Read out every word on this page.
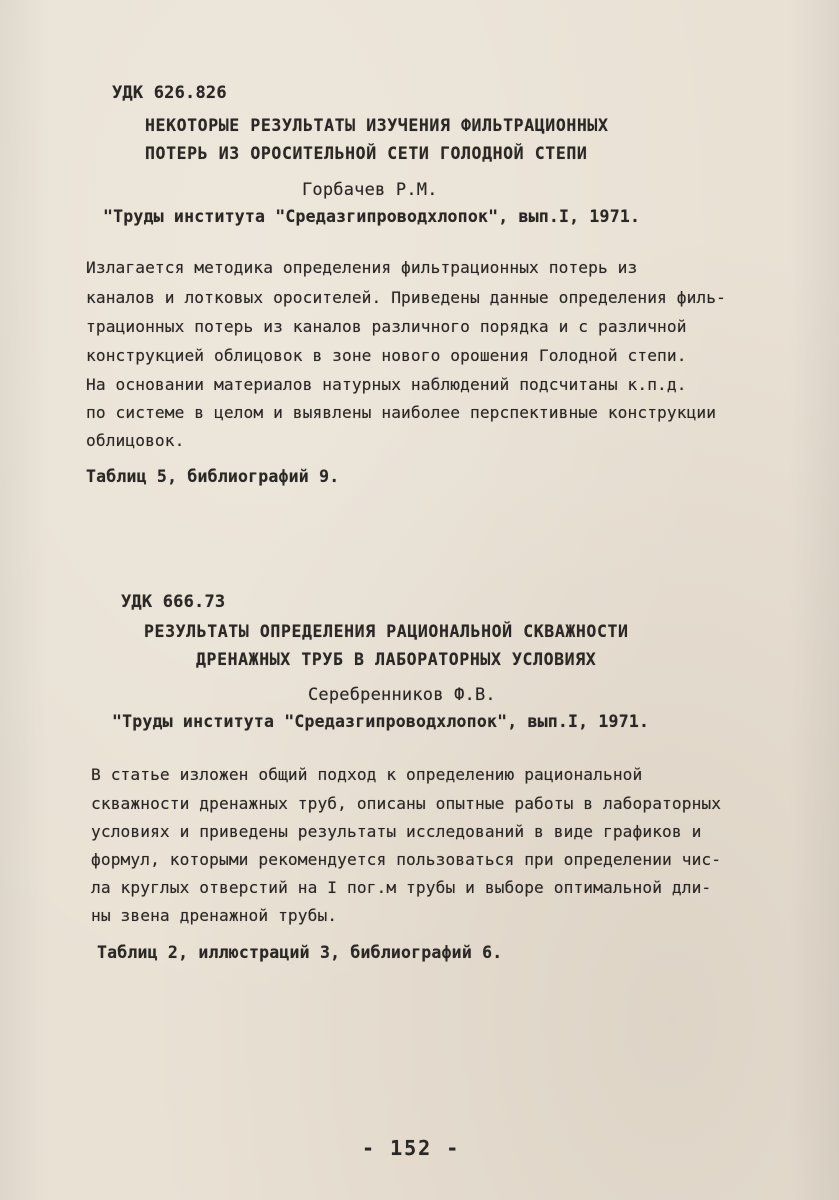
УДК 626.826
НЕКОТОРЫЕ РЕЗУЛЬТАТЫ ИЗУЧЕНИЯ ФИЛЬТРАЦИОННЫХ
ПОТЕРЬ ИЗ ОРОСИТЕЛЬНОЙ СЕТИ ГОЛОДНОЙ СТЕПИ
Горбачев Р.М.
"Труды института "Средазгипроводхлопок", вып.I, 1971.
Излагается методика определения фильтрационных потерь из
каналов и лотковых оросителей. Приведены данные определения филь-
трационных потерь из каналов различного порядка и с различной
конструкцией облицовок в зоне нового орошения Голодной степи.
На основании материалов натурных наблюдений подсчитаны к.п.д.
по системе в целом и выявлены наиболее перспективные конструкции
облицовок.
Таблиц 5, библиографий 9.
УДК 666.73
РЕЗУЛЬТАТЫ ОПРЕДЕЛЕНИЯ РАЦИОНАЛЬНОЙ СКВАЖНОСТИ
ДРЕНАЖНЫХ ТРУБ В ЛАБОРАТОРНЫХ УСЛОВИЯХ
Серебренников Ф.В.
"Труды института "Средазгипроводхлопок", вып.I, 1971.
В статье изложен общий подход к определению рациональной
скважности дренажных труб, описаны опытные работы в лабораторных
условиях и приведены результаты исследований в виде графиков и
формул, которыми рекомендуется пользоваться при определении чис-
ла круглых отверстий на I пог.м трубы и выборе оптимальной дли-
ны звена дренажной трубы.
Таблиц 2, иллюстраций 3, библиографий 6.
- 152 -
